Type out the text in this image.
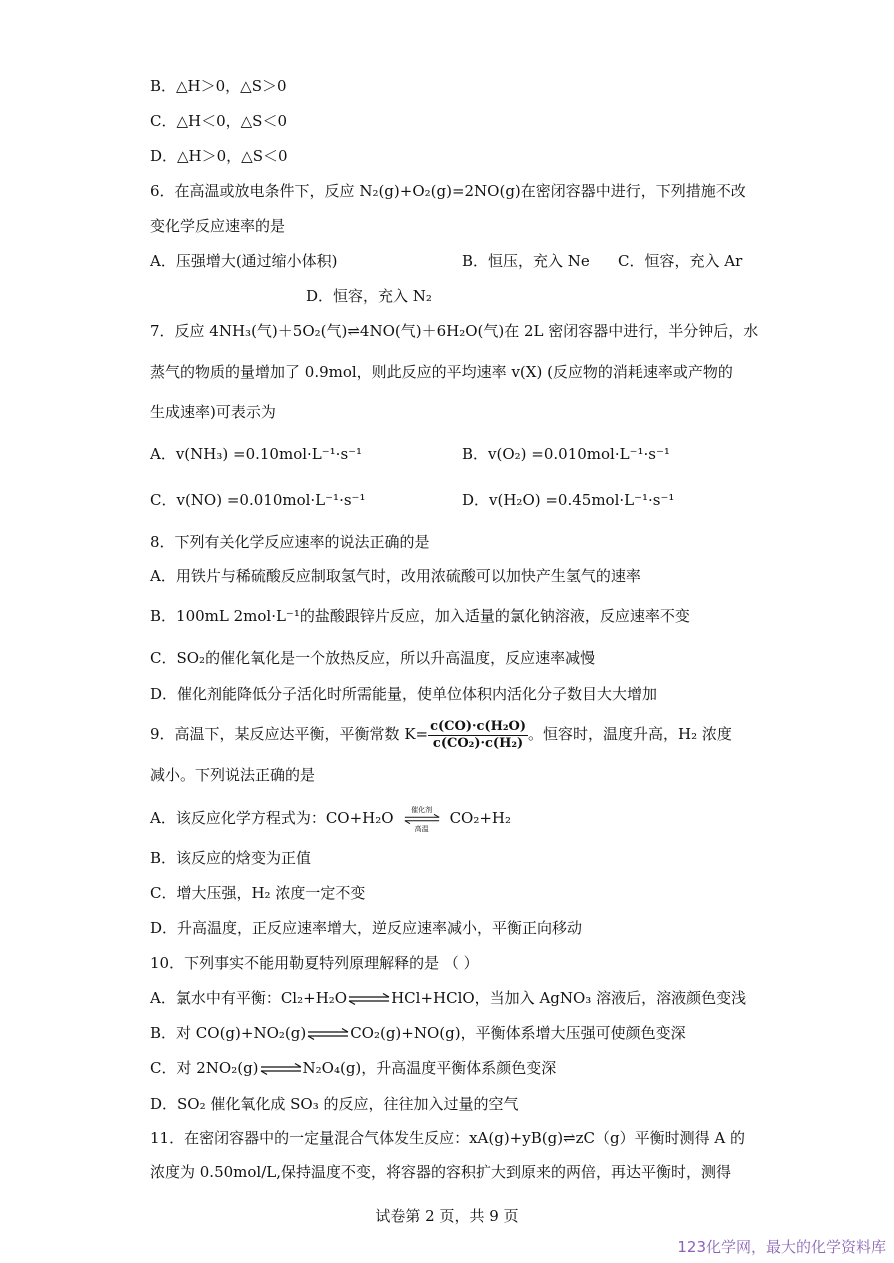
B．△H＞0，△S＞0
C．△H＜0，△S＜0
D．△H＞0，△S＜0
6．在高温或放电条件下，反应 N₂(g)+O₂(g)=2NO(g)在密闭容器中进行，下列措施不改
变化学反应速率的是
A．压强增大(通过缩小体积)	B．恒压，充入 Ne C．恒容，充入 Ar
D．恒容，充入 N₂
7．反应 4NH₃(气)＋5O₂(气)⇌4NO(气)＋6H₂O(气)在 2L 密闭容器中进行，半分钟后，水
蒸气的物质的量增加了 0.9mol，则此反应的平均速率 v(X) (反应物的消耗速率或产物的
生成速率)可表示为
A．v(NH₃) =0.10mol·L⁻¹·s⁻¹	B．v(O₂) =0.010mol·L⁻¹·s⁻¹
C．v(NO) =0.010mol·L⁻¹·s⁻¹	D．v(H₂O) =0.45mol·L⁻¹·s⁻¹
8．下列有关化学反应速率的说法正确的是
A．用铁片与稀硫酸反应制取氢气时，改用浓硫酸可以加快产生氢气的速率
B．100mL 2mol·L⁻¹的盐酸跟锌片反应，加入适量的氯化钠溶液，反应速率不变
C．SO₂的催化氧化是一个放热反应，所以升高温度，反应速率减慢
D．催化剂能降低分子活化时所需能量，使单位体积内活化分子数目大大增加
9．高温下，某反应达平衡，平衡常数 $K= \frac{\text{c(CO)·c(H₂O)}}{\text{c(CO₂)·c(H₂)}}$ 。恒容时，温度升高，H₂ 浓度
减小。下列说法正确的是
A．该反应化学方程式为：CO+H₂O	催化剂
高温
CO₂+H₂
B．该反应的焓变为正值
C．增大压强，H₂ 浓度一定不变
D．升高温度，正反应速率增大，逆反应速率减小，平衡正向移动
10．下列事实不能用勒夏特列原理解释的是 （ ）
A．氯水中有平衡：Cl₂+H₂O	HCl+HClO，当加入 AgNO₃ 溶液后，溶液颜色变浅
B．对 CO(g)+NO₂(g)	CO₂(g)+NO(g)，平衡体系增大压强可使颜色变深
C．对 2NO₂(g)	N₂O₄(g)，升高温度平衡体系颜色变深
D．SO₂ 催化氧化成 SO₃ 的反应，往往加入过量的空气
11．在密闭容器中的一定量混合气体发生反应：xA(g)+yB(g)⇌zC（g）平衡时测得 A 的
浓度为 0.50mol/L,保持温度不变，将容器的容积扩大到原来的两倍，再达平衡时，测得
试卷第 2 页，共 9 页
123化学网，最大的化学资料库
